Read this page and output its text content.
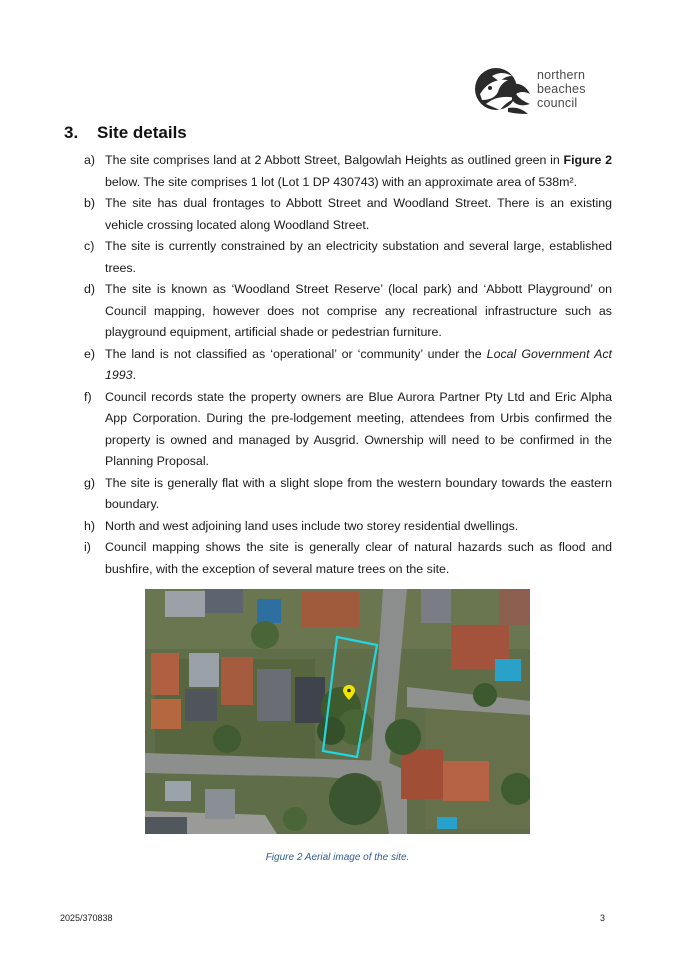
northern
beaches
council
3. Site details
a) The site comprises land at 2 Abbott Street, Balgowlah Heights as outlined green in Figure 2 below. The site comprises 1 lot (Lot 1 DP 430743) with an approximate area of 538m².
b) The site has dual frontages to Abbott Street and Woodland Street. There is an existing vehicle crossing located along Woodland Street.
c) The site is currently constrained by an electricity substation and several large, established trees.
d) The site is known as ‘Woodland Street Reserve’ (local park) and ‘Abbott Playground’ on Council mapping, however does not comprise any recreational infrastructure such as playground equipment, artificial shade or pedestrian furniture.
e) The land is not classified as ‘operational’ or ‘community’ under the Local Government Act 1993.
f) Council records state the property owners are Blue Aurora Partner Pty Ltd and Eric Alpha App Corporation. During the pre-lodgement meeting, attendees from Urbis confirmed the property is owned and managed by Ausgrid. Ownership will need to be confirmed in the Planning Proposal.
g) The site is generally flat with a slight slope from the western boundary towards the eastern boundary.
h) North and west adjoining land uses include two storey residential dwellings.
i) Council mapping shows the site is generally clear of natural hazards such as flood and bushfire, with the exception of several mature trees on the site.
Figure 2 Aerial image of the site.
2025/370838	3
